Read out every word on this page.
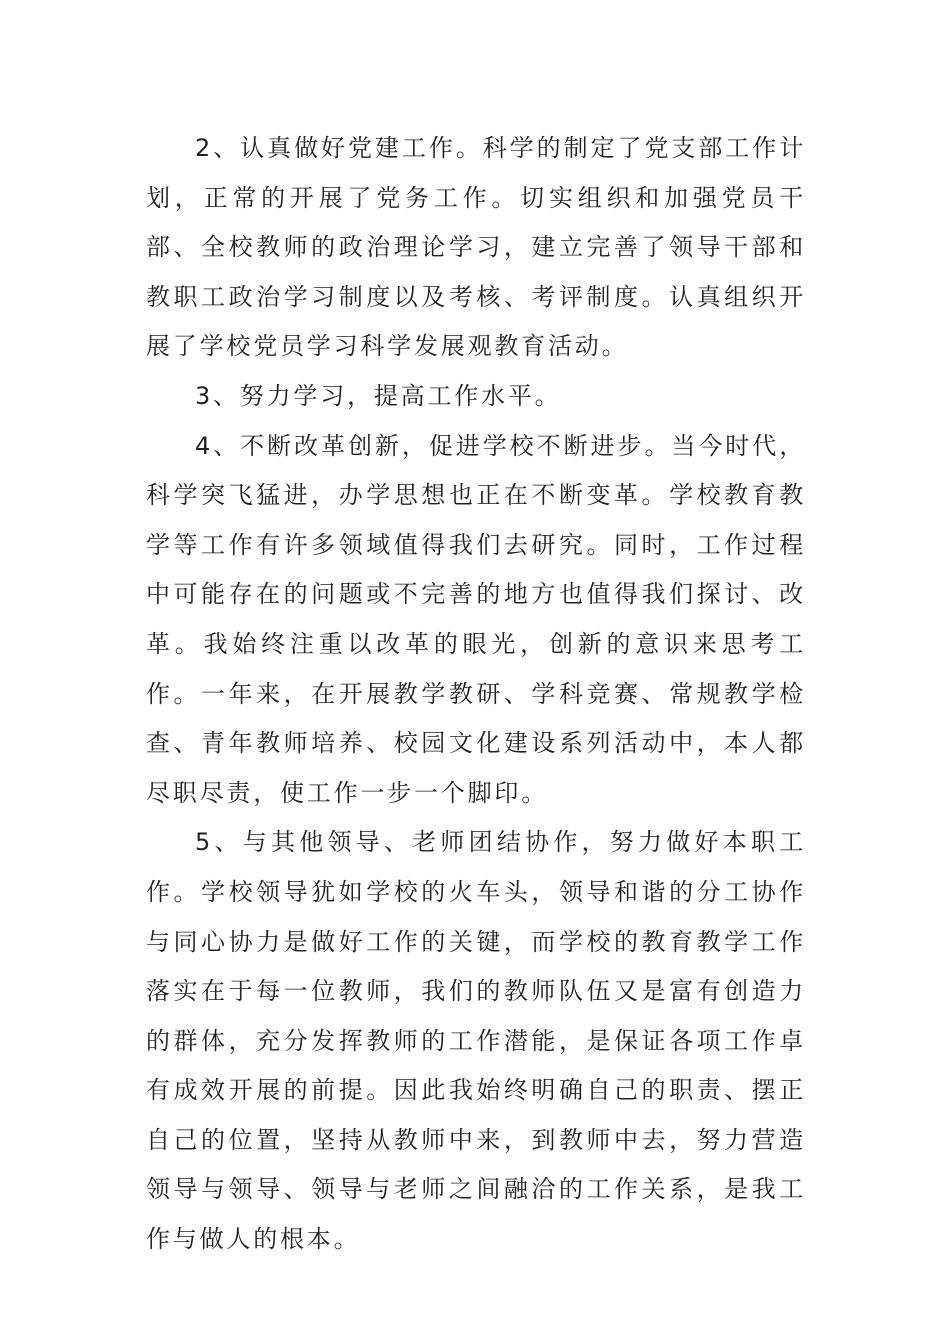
2、认真做好党建工作。科学的制定了党支部工作计划，正常的开展了党务工作。切实组织和加强党员干部、全校教师的政治理论学习，建立完善了领导干部和教职工政治学习制度以及考核、考评制度。认真组织开展了学校党员学习科学发展观教育活动。

3、努力学习，提高工作水平。

4、不断改革创新，促进学校不断进步。当今时代，科学突飞猛进，办学思想也正在不断变革。学校教育教学等工作有许多领域值得我们去研究。同时，工作过程中可能存在的问题或不完善的地方也值得我们探讨、改革。我始终注重以改革的眼光，创新的意识来思考工作。一年来，在开展教学教研、学科竞赛、常规教学检查、青年教师培养、校园文化建设系列活动中，本人都尽职尽责，使工作一步一个脚印。

5、与其他领导、老师团结协作，努力做好本职工作。学校领导犹如学校的火车头，领导和谐的分工协作与同心协力是做好工作的关键，而学校的教育教学工作落实在于每一位教师，我们的教师队伍又是富有创造力的群体，充分发挥教师的工作潜能，是保证各项工作卓有成效开展的前提。因此我始终明确自己的职责、摆正自己的位置，坚持从教师中来，到教师中去，努力营造领导与领导、领导与老师之间融洽的工作关系，是我工作与做人的根本。
